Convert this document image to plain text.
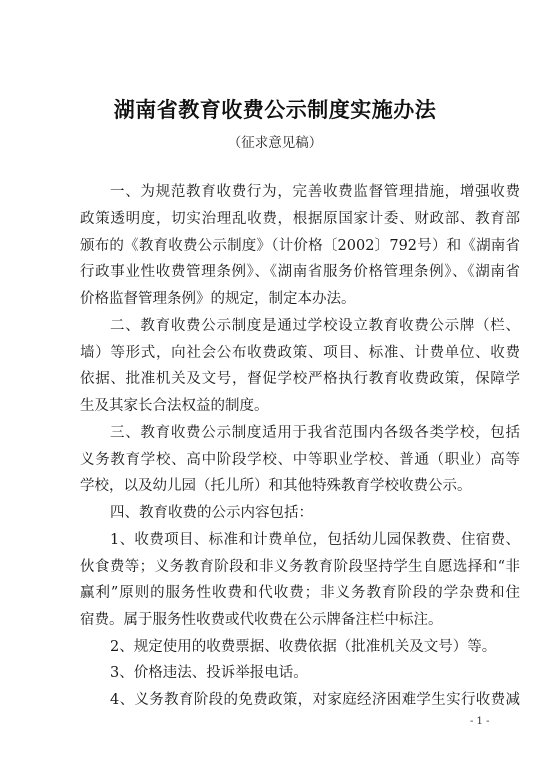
湖南省教育收费公示制度实施办法

（征求意见稿）

一、为规范教育收费行为，完善收费监督管理措施，增强收费
政策透明度，切实治理乱收费，根据原国家计委、财政部、教育部
颁布的《教育收费公示制度》（计价格〔2002〕792号）和《湖南省
行政事业性收费管理条例》、《湖南省服务价格管理条例》、《湖南省
价格监督管理条例》的规定，制定本办法。
二、教育收费公示制度是通过学校设立教育收费公示牌（栏、
墙）等形式，向社会公布收费政策、项目、标准、计费单位、收费
依据、批准机关及文号，督促学校严格执行教育收费政策，保障学
生及其家长合法权益的制度。
三、教育收费公示制度适用于我省范围内各级各类学校，包括
义务教育学校、高中阶段学校、中等职业学校、普通（职业）高等
学校，以及幼儿园（托儿所）和其他特殊教育学校收费公示。
四、教育收费的公示内容包括：
1、收费项目、标准和计费单位，包括幼儿园保教费、住宿费、
伙食费等；义务教育阶段和非义务教育阶段坚持学生自愿选择和“非
赢利”原则的服务性收费和代收费；非义务教育阶段的学杂费和住
宿费。属于服务性收费或代收费在公示牌备注栏中标注。
2、规定使用的收费票据、收费依据（批准机关及文号）等。
3、价格违法、投诉举报电话。
4、义务教育阶段的免费政策，对家庭经济困难学生实行收费减
- 1 -
